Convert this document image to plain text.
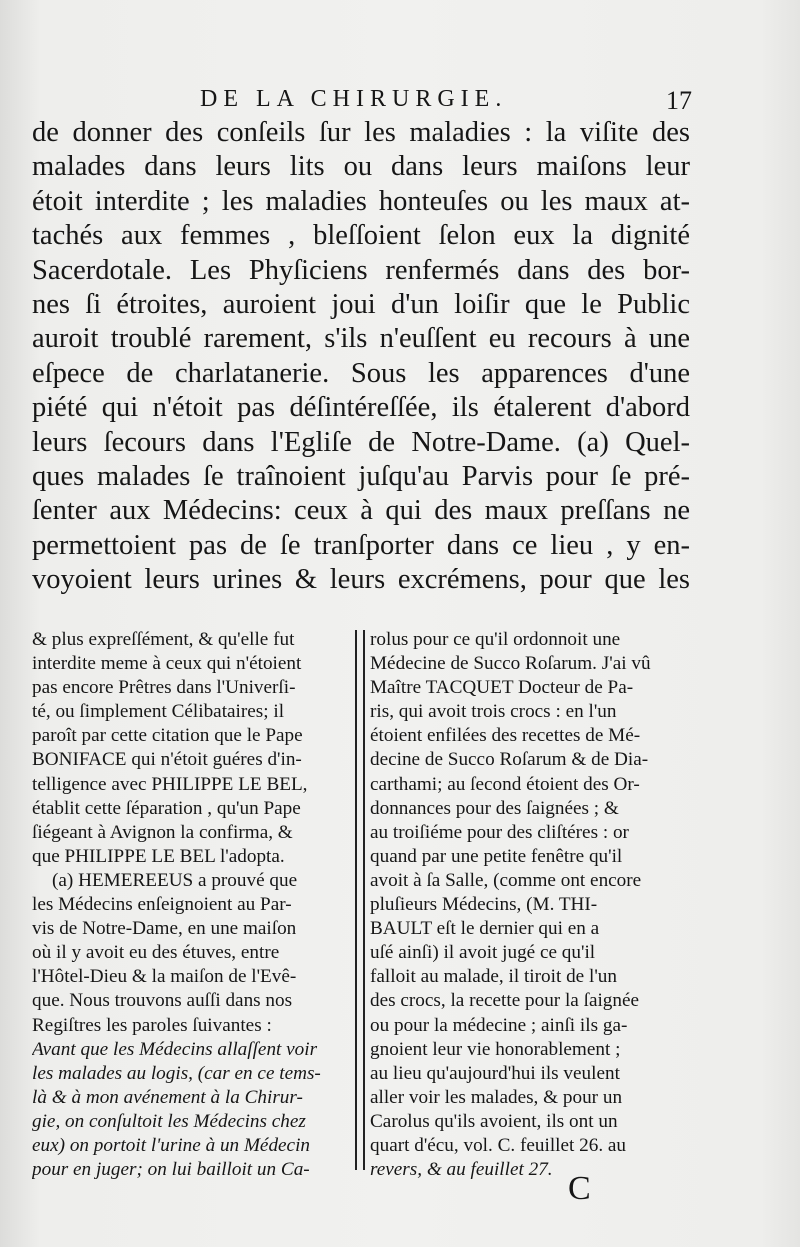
DE LA CHIRURGIE.	17
de donner des conſeils ſur les maladies : la viſite des
malades dans leurs lits ou dans leurs maiſons leur
étoit interdite ; les maladies honteuſes ou les maux at-
tachés aux femmes , bleſſoient ſelon eux la dignité
Sacerdotale. Les Phyſiciens renfermés dans des bor-
nes ſi étroites, auroient joui d'un loiſir que le Public
auroit troublé rarement, s'ils n'euſſent eu recours à une
eſpece de charlatanerie. Sous les apparences d'une
piété qui n'étoit pas déſintéreſſée, ils étalerent d'abord
leurs ſecours dans l'Egliſe de Notre-Dame. (a) Quel-
ques malades ſe traînoient juſqu'au Parvis pour ſe pré-
ſenter aux Médecins: ceux à qui des maux preſſans ne
permettoient pas de ſe tranſporter dans ce lieu , y en-
voyoient leurs urines & leurs excrémens, pour que les
& plus expreſſément, & qu'elle fut
interdite meme à ceux qui n'étoient
pas encore Prêtres dans l'Univerſi-
té, ou ſimplement Célibataires; il
paroît par cette citation que le Pape
BONIFACE qui n'étoit guéres d'in-
telligence avec PHILIPPE LE BEL,
établit cette ſéparation , qu'un Pape
ſiégeant à Avignon la confirma, &
que PHILIPPE LE BEL l'adopta.
(a) HEMEREEUS a prouvé que
les Médecins enſeignoient au Par-
vis de Notre-Dame, en une maiſon
où il y avoit eu des étuves, entre
l'Hôtel-Dieu & la maiſon de l'Evê-
que. Nous trouvons auſſi dans nos
Regiſtres les paroles ſuivantes :
Avant que les Médecins allaſſent voir
les malades au logis, (car en ce tems-
là & à mon avénement à la Chirur-
gie, on conſultoit les Médecins chez
eux) on portoit l'urine à un Médecin
pour en juger; on lui bailloit un Ca-
rolus pour ce qu'il ordonnoit une
Médecine de Succo Roſarum. J'ai vû
Maître TACQUET Docteur de Pa-
ris, qui avoit trois crocs : en l'un
étoient enfilées des recettes de Mé-
decine de Succo Roſarum & de Dia-
carthami; au ſecond étoient des Or-
donnances pour des ſaignées ; &
au troiſiéme pour des cliſtéres : or
quand par une petite fenêtre qu'il
avoit à ſa Salle, (comme ont encore
pluſieurs Médecins, (M. THI-
BAULT eſt le dernier qui en a
uſé ainſi) il avoit jugé ce qu'il
falloit au malade, il tiroit de l'un
des crocs, la recette pour la ſaignée
ou pour la médecine ; ainſi ils ga-
gnoient leur vie honorablement ;
au lieu qu'aujourd'hui ils veulent
aller voir les malades, & pour un
Carolus qu'ils avoient, ils ont un
quart d'écu, vol. C. feuillet 26. au
revers, & au feuillet 27.
C
